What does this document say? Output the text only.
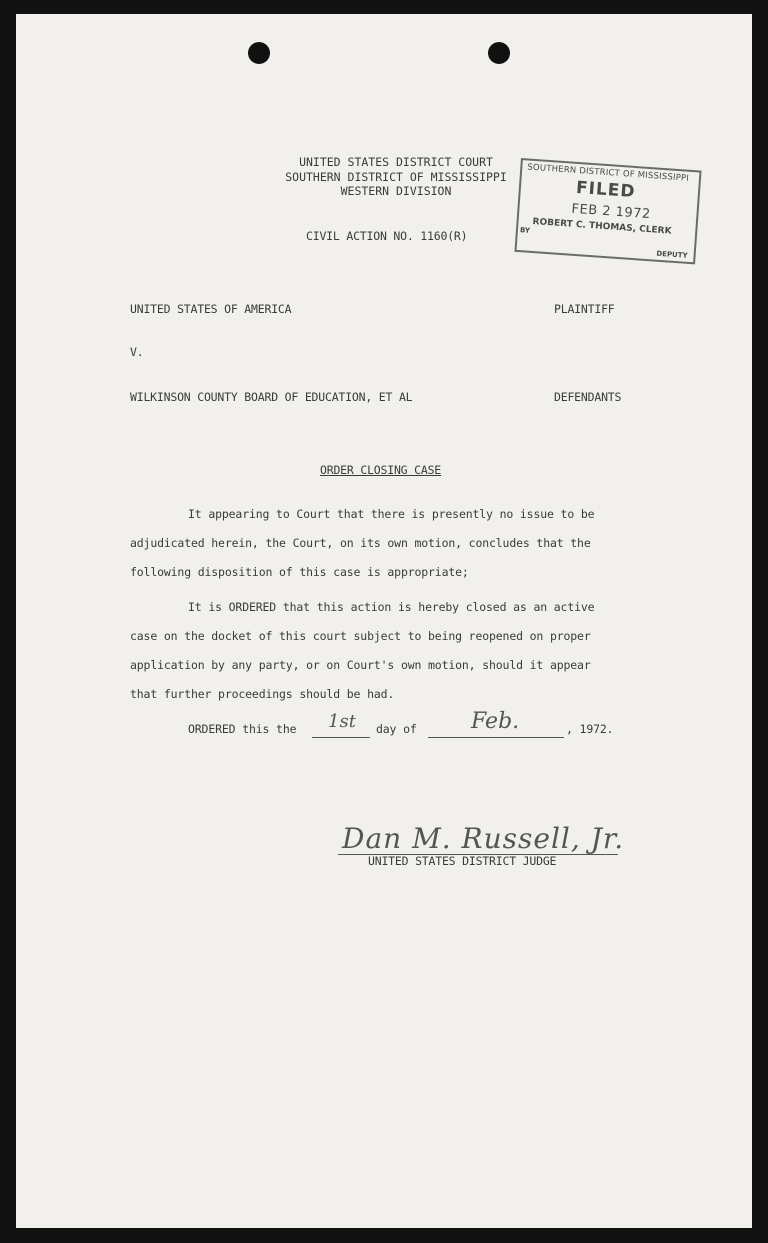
UNITED STATES DISTRICT COURT
SOUTHERN DISTRICT OF MISSISSIPPI
WESTERN DIVISION
CIVIL ACTION NO. 1160(R)
SOUTHERN DISTRICT OF MISSISSIPPI
FILED
FEB 2 1972
ROBERT C. THOMAS, CLERK
BY
DEPUTY
UNITED STATES OF AMERICA	PLAINTIFF
V.
WILKINSON COUNTY BOARD OF EDUCATION, ET AL	DEFENDANTS
ORDER CLOSING CASE
It appearing to Court that there is presently no issue to be
adjudicated herein, the Court, on its own motion, concludes that the
following disposition of this case is appropriate;
It is ORDERED that this action is hereby closed as an active
case on the docket of this court subject to being reopened on proper
application by any party, or on Court's own motion, should it appear
that further proceedings should be had.
ORDERED this the 1st day of Feb.	, 1972.
Dan M. Russell, Jr.
UNITED STATES DISTRICT JUDGE
